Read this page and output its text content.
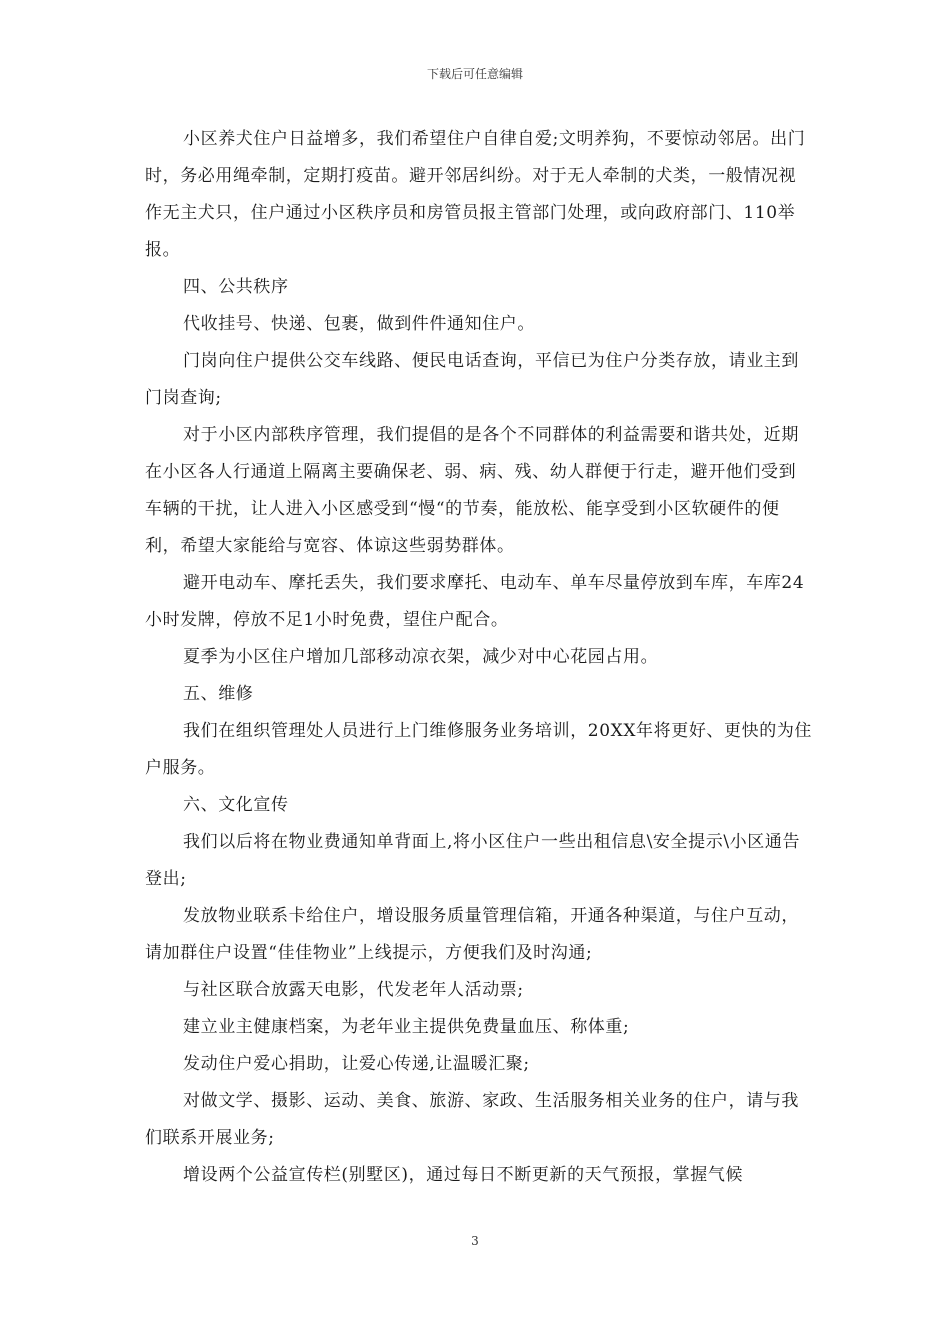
下载后可任意编辑

小区养犬住户日益增多，我们希望住户自律自爱;文明养狗，不要惊动邻居。出门时，务必用绳牵制，定期打疫苗。避开邻居纠纷。对于无人牵制的犬类，一般情况视作无主犬只，住户通过小区秩序员和房管员报主管部门处理，或向政府部门、110举报。

四、公共秩序

代收挂号、快递、包裹，做到件件通知住户。

门岗向住户提供公交车线路、便民电话查询，平信已为住户分类存放，请业主到门岗查询;

对于小区内部秩序管理，我们提倡的是各个不同群体的利益需要和谐共处，近期在小区各人行通道上隔离主要确保老、弱、病、残、幼人群便于行走，避开他们受到车辆的干扰，让人进入小区感受到“慢“的节奏，能放松、能享受到小区软硬件的便利，希望大家能给与宽容、体谅这些弱势群体。

避开电动车、摩托丢失，我们要求摩托、电动车、单车尽量停放到车库，车库24小时发牌，停放不足1小时免费，望住户配合。

夏季为小区住户增加几部移动凉衣架，减少对中心花园占用。

五、维修

我们在组织管理处人员进行上门维修服务业务培训，20XX年将更好、更快的为住户服务。

六、文化宣传

我们以后将在物业费通知单背面上,将小区住户一些出租信息\安全提示\小区通告登出;

发放物业联系卡给住户，增设服务质量管理信箱，开通各种渠道，与住户互动，请加群住户设置“佳佳物业”上线提示，方便我们及时沟通;

与社区联合放露天电影，代发老年人活动票;

建立业主健康档案，为老年业主提供免费量血压、称体重;

发动住户爱心捐助，让爱心传递,让温暖汇聚;

对做文学、摄影、运动、美食、旅游、家政、生活服务相关业务的住户，请与我们联系开展业务;

增设两个公益宣传栏(别墅区)，通过每日不断更新的天气预报，掌握气候

3
